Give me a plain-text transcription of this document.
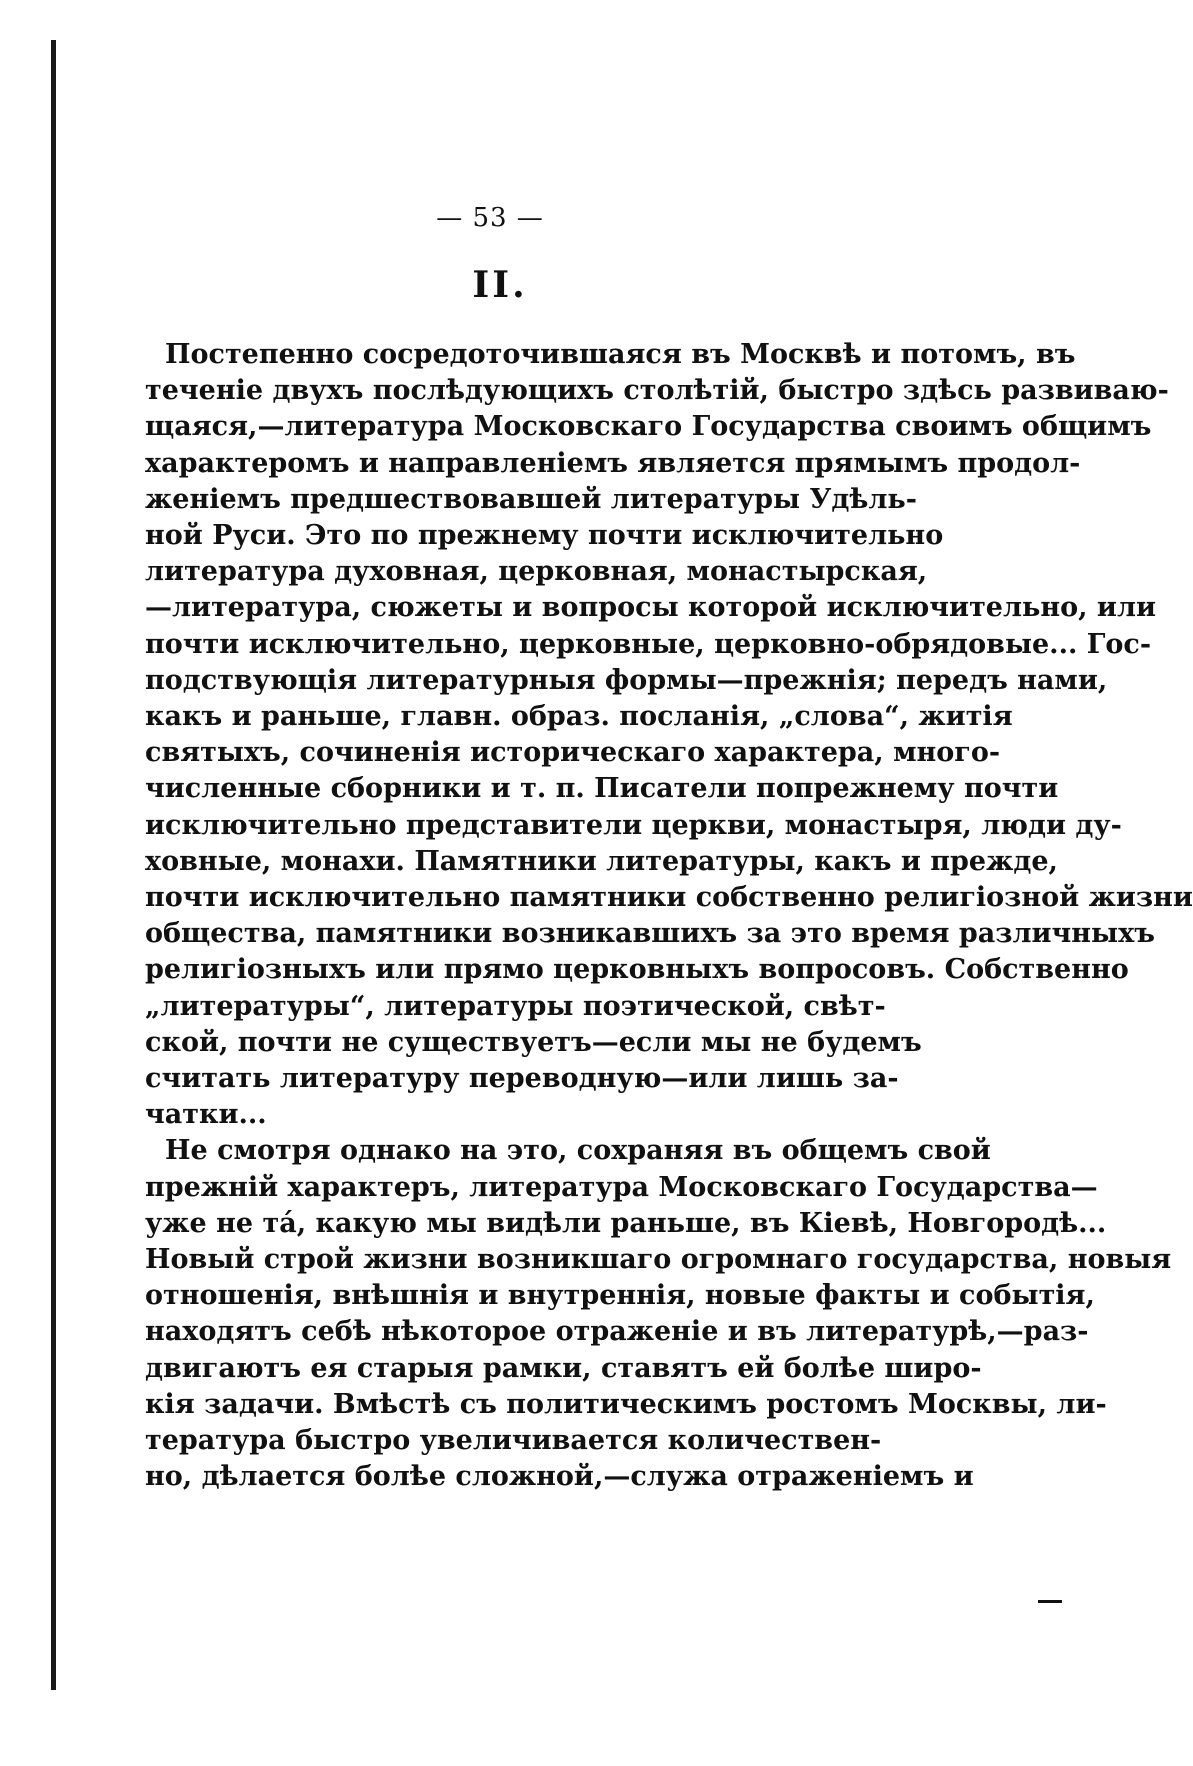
— 53 —
II.
Постепенно сосредоточившаяся въ Москвѣ и потомъ, въ
теченіе двухъ послѣдующихъ столѣтій, быстро здѣсь развиваю-
щаяся,—литература Московскаго Государства своимъ общимъ
характеромъ и направленіемъ является прямымъ продол-
женіемъ предшествовавшей литературы Удѣль-
ной Руси. Это по прежнему почти исключительно
литература духовная, церковная, монастырская,
—литература, сюжеты и вопросы которой исключительно, или
почти исключительно, церковные, церковно-обрядовые... Гос-
подствующія литературныя формы—прежнія; передъ нами,
какъ и раньше, главн. образ. посланія, „слова“, житія
святыхъ, сочиненія историческаго характера, много-
численные сборники и т. п. Писатели попрежнему почти
исключительно представители церкви, монастыря, люди ду-
ховные, монахи. Памятники литературы, какъ и прежде,
почти исключительно памятники собственно религіозной жизни
общества, памятники возникавшихъ за это время различныхъ
религіозныхъ или прямо церковныхъ вопросовъ. Собственно
„литературы“, литературы поэтической, свѣт-
ской, почти не существуетъ—если мы не будемъ
считать литературу переводную—или лишь за-
чатки...
Не смотря однако на это, сохраняя въ общемъ свой
прежній характеръ, литература Московскаго Государства—
уже не та́, какую мы видѣли раньше, въ Кіевѣ, Новгородѣ...
Новый строй жизни возникшаго огромнаго государства, новыя
отношенія, внѣшнія и внутреннія, новые факты и событія,
находятъ себѣ нѣкоторое отраженіе и въ литературѣ,—раз-
двигаютъ ея старыя рамки, ставятъ ей болѣе широ-
кія задачи. Вмѣстѣ съ политическимъ ростомъ Москвы, ли-
тература быстро увеличивается количествен-
но, дѣлается болѣе сложной,—служа отраженіемъ и
